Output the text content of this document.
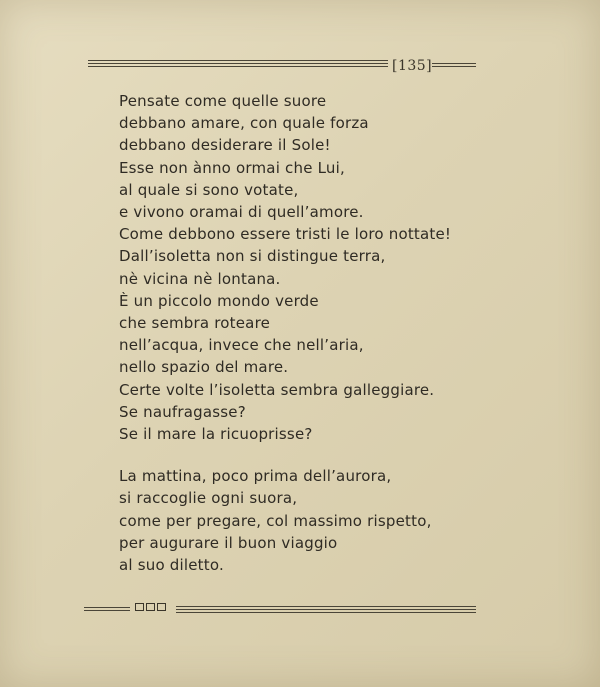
[135]
Pensate come quelle suore
debbano amare, con quale forza
debbano desiderare il Sole!
Esse non ànno ormai che Lui,
al quale si sono votate,
e vivono oramai di quell’amore.
Come debbono essere tristi le loro nottate!
Dall’isoletta non si distingue terra,
nè vicina nè lontana.
È un piccolo mondo verde
che sembra roteare
nell’acqua, invece che nell’aria,
nello spazio del mare.
Certe volte l’isoletta sembra galleggiare.
Se naufragasse?
Se il mare la ricuoprisse?
La mattina, poco prima dell’aurora,
si raccoglie ogni suora,
come per pregare, col massimo rispetto,
per augurare il buon viaggio
al suo diletto.
